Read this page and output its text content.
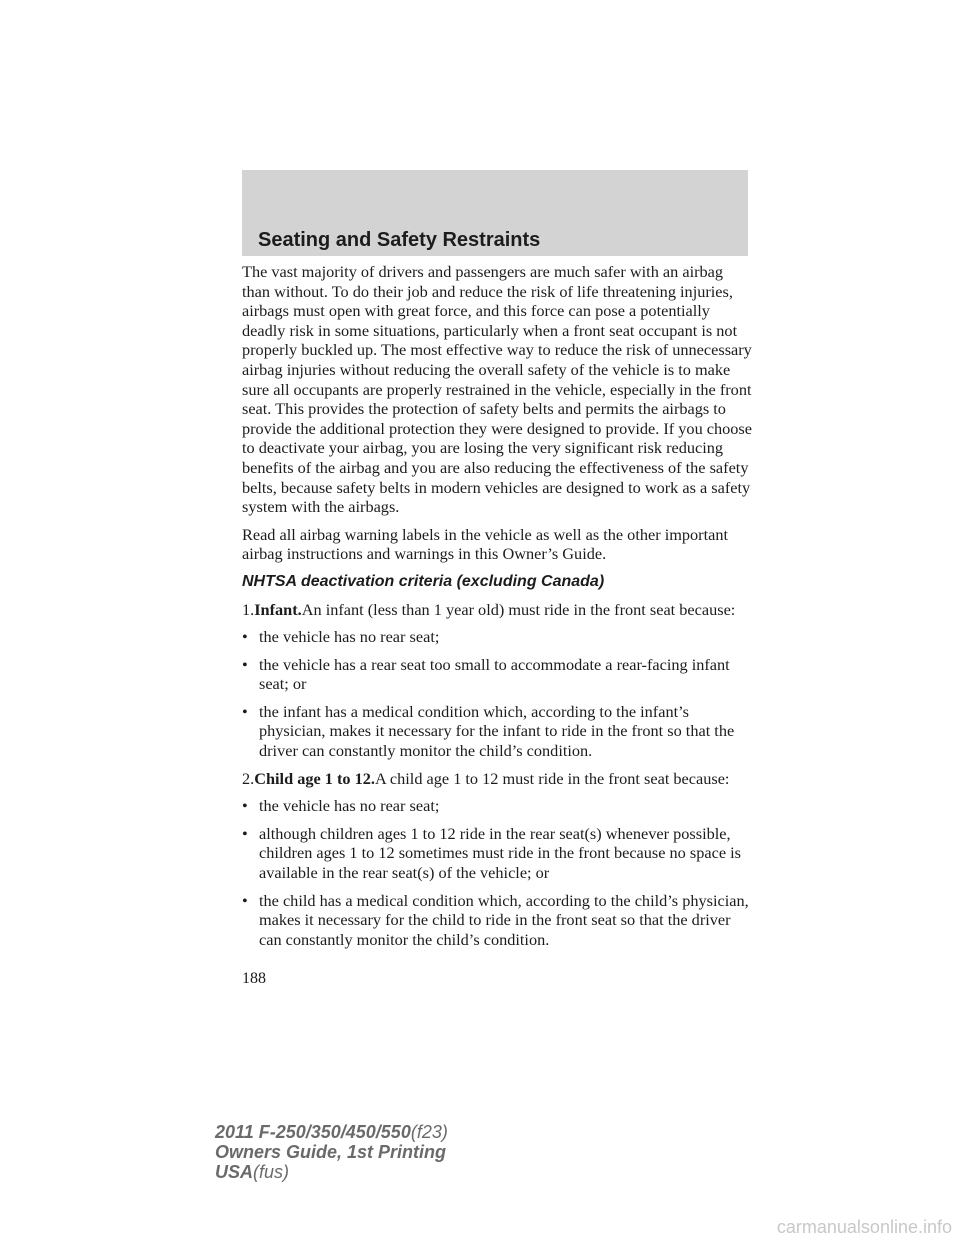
Seating and Safety Restraints

The vast majority of drivers and passengers are much safer with an airbag than without. To do their job and reduce the risk of life threatening injuries, airbags must open with great force, and this force can pose a potentially deadly risk in some situations, particularly when a front seat occupant is not properly buckled up. The most effective way to reduce the risk of unnecessary airbag injuries without reducing the overall safety of the vehicle is to make sure all occupants are properly restrained in the vehicle, especially in the front seat. This provides the protection of safety belts and permits the airbags to provide the additional protection they were designed to provide. If you choose to deactivate your airbag, you are losing the very significant risk reducing benefits of the airbag and you are also reducing the effectiveness of the safety belts, because safety belts in modern vehicles are designed to work as a safety system with the airbags.

Read all airbag warning labels in the vehicle as well as the other important airbag instructions and warnings in this Owner’s Guide.

NHTSA deactivation criteria (excluding Canada)

1.Infant.An infant (less than 1 year old) must ride in the front seat because:

• the vehicle has no rear seat;
• the vehicle has a rear seat too small to accommodate a rear-facing infant seat; or
• the infant has a medical condition which, according to the infant’s physician, makes it necessary for the infant to ride in the front so that the driver can constantly monitor the child’s condition.

2.Child age 1 to 12.A child age 1 to 12 must ride in the front seat because:

• the vehicle has no rear seat;
• although children ages 1 to 12 ride in the rear seat(s) whenever possible, children ages 1 to 12 sometimes must ride in the front because no space is available in the rear seat(s) of the vehicle; or
• the child has a medical condition which, according to the child’s physician, makes it necessary for the child to ride in the front seat so that the driver can constantly monitor the child’s condition.
188
2011 F-250/350/450/550(f23)
Owners Guide, 1st Printing
USA(fus)
carmanualsonline.info
